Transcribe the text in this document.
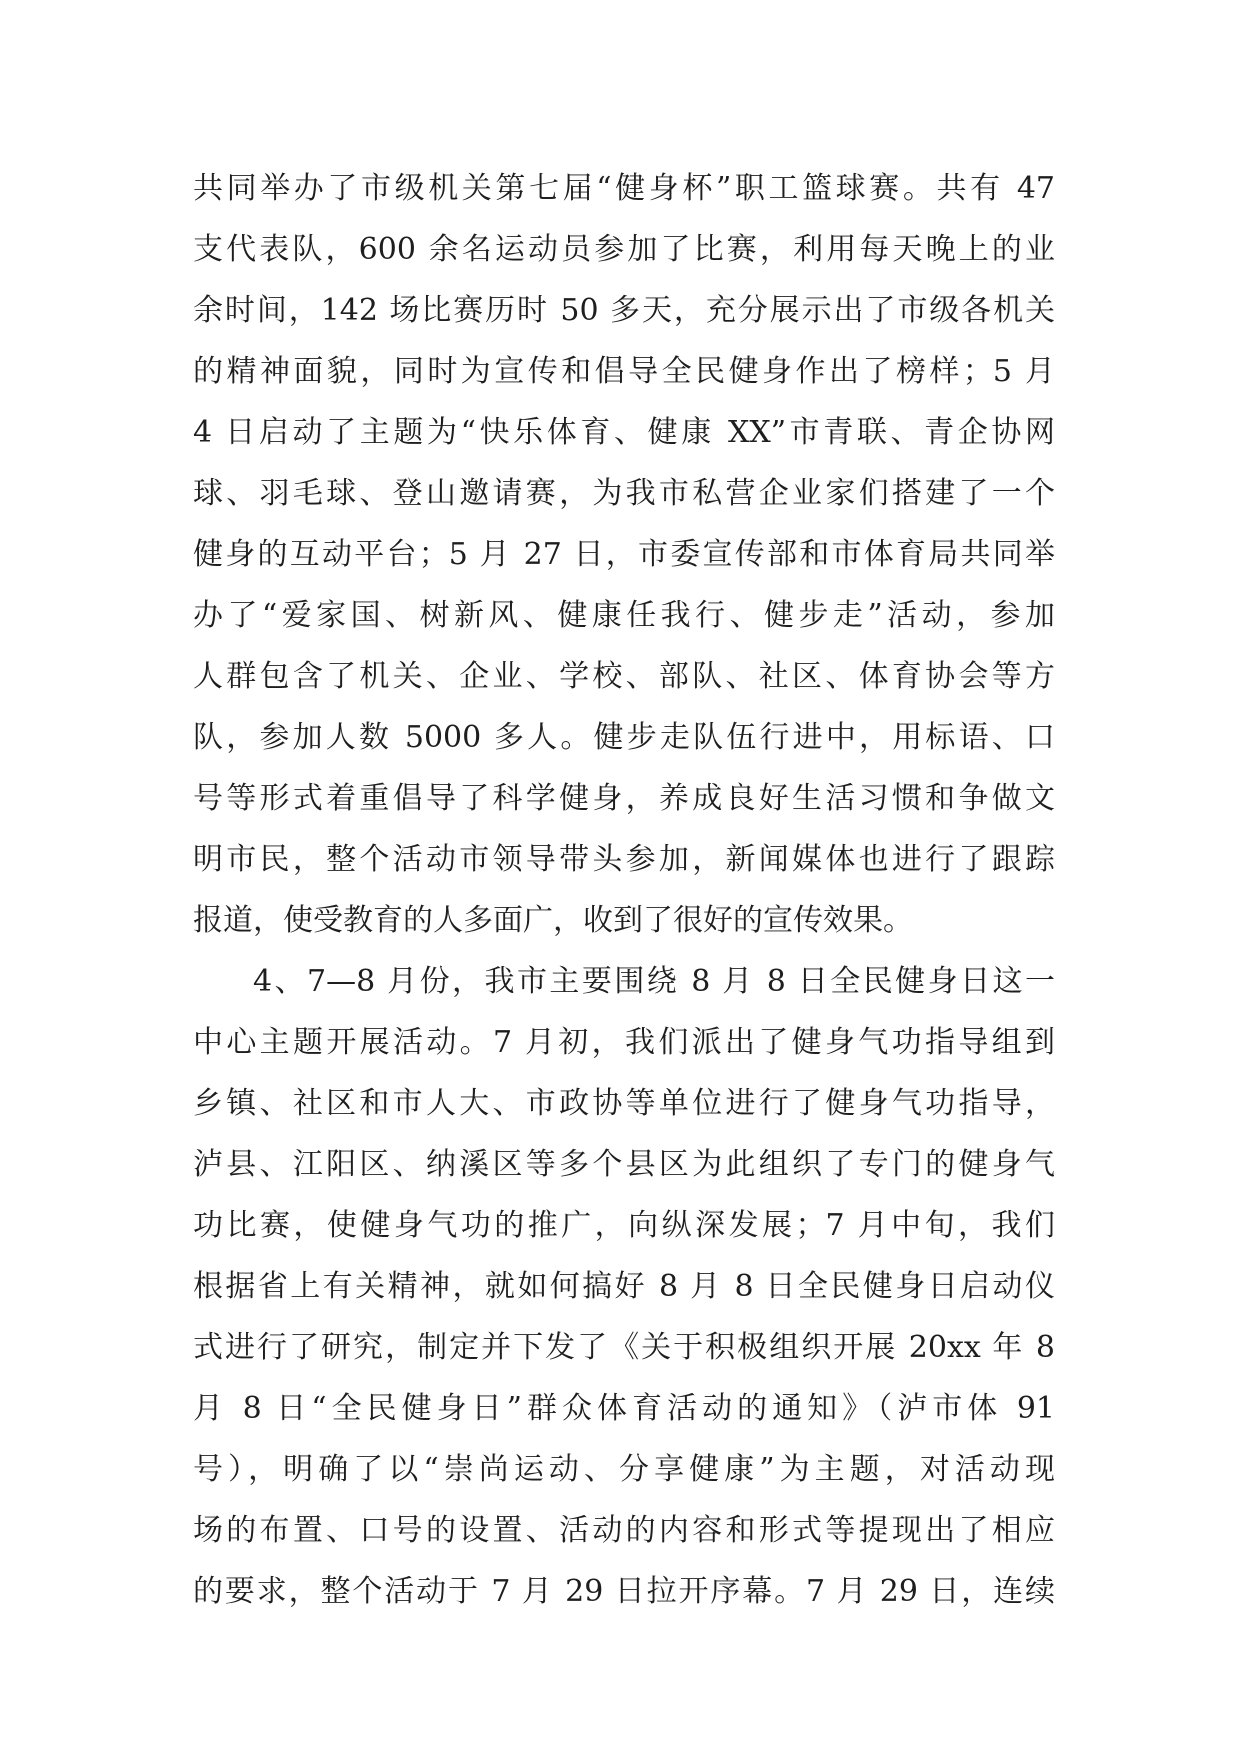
共同举办了市级机关第七届“健身杯”职工篮球赛。共有 47
支代表队，600 余名运动员参加了比赛，利用每天晚上的业
余时间，142 场比赛历时 50 多天，充分展示出了市级各机关
的精神面貌，同时为宣传和倡导全民健身作出了榜样；5 月
4 日启动了主题为“快乐体育、健康 XX”市青联、青企协网
球、羽毛球、登山邀请赛，为我市私营企业家们搭建了一个
健身的互动平台；5 月 27 日，市委宣传部和市体育局共同举
办了“爱家国、树新风、健康任我行、健步走”活动，参加
人群包含了机关、企业、学校、部队、社区、体育协会等方
队，参加人数 5000 多人。健步走队伍行进中，用标语、口
号等形式着重倡导了科学健身，养成良好生活习惯和争做文
明市民，整个活动市领导带头参加，新闻媒体也进行了跟踪
报道，使受教育的人多面广，收到了很好的宣传效果。
4、7—8 月份，我市主要围绕 8 月 8 日全民健身日这一
中心主题开展活动。7 月初，我们派出了健身气功指导组到
乡镇、社区和市人大、市政协等单位进行了健身气功指导，
泸县、江阳区、纳溪区等多个县区为此组织了专门的健身气
功比赛，使健身气功的推广，向纵深发展；7 月中旬，我们
根据省上有关精神，就如何搞好 8 月 8 日全民健身日启动仪
式进行了研究，制定并下发了《关于积极组织开展 20xx 年 8
月 8 日“全民健身日”群众体育活动的通知》（泸市体 91
号），明确了以“崇尚运动、分享健康”为主题，对活动现
场的布置、口号的设置、活动的内容和形式等提现出了相应
的要求，整个活动于 7 月 29 日拉开序幕。7 月 29 日，连续
